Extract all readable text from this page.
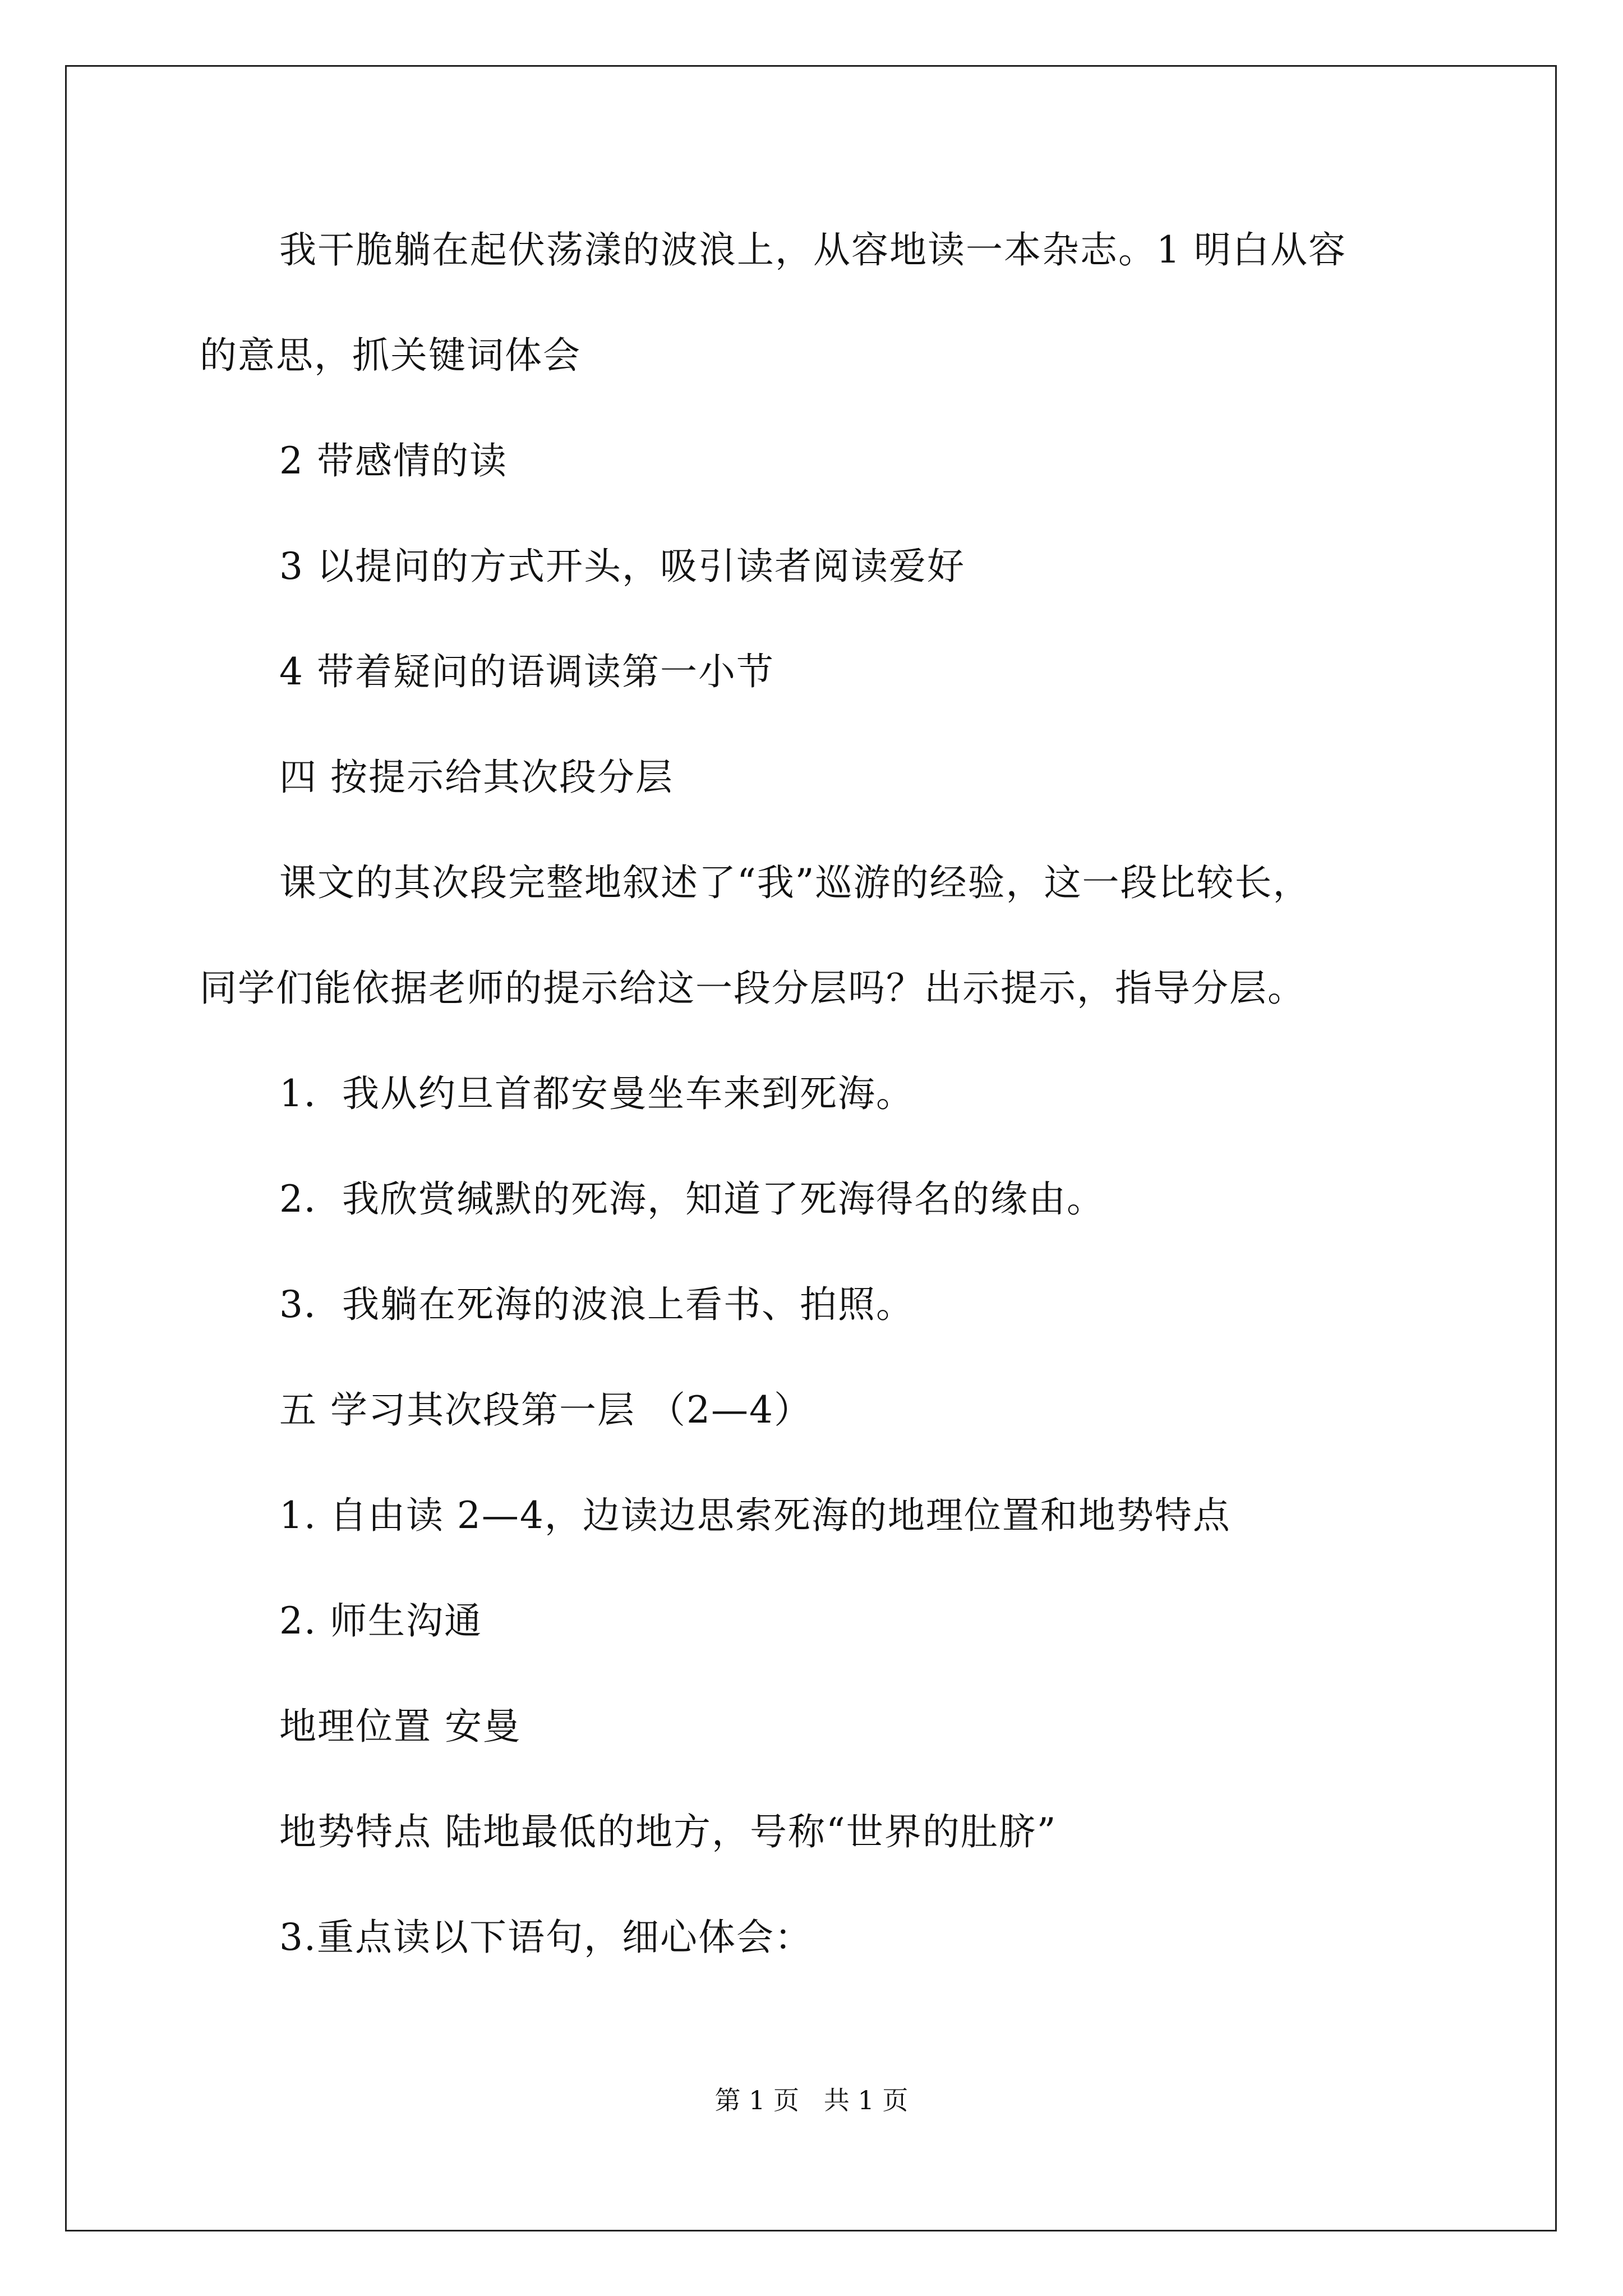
我干脆躺在起伏荡漾的波浪上，从容地读一本杂志。1 明白从容
的意思，抓关键词体会
2 带感情的读
3 以提问的方式开头，吸引读者阅读爱好
4 带着疑问的语调读第一小节
四 按提示给其次段分层
课文的其次段完整地叙述了“我”巡游的经验，这一段比较长，
同学们能依据老师的提示给这一段分层吗？出示提示，指导分层。
1．我从约旦首都安曼坐车来到死海。
2．我欣赏缄默的死海，知道了死海得名的缘由。
3．我躺在死海的波浪上看书、拍照。
五 学习其次段第一层 （2—4）
1. 自由读 2—4，边读边思索死海的地理位置和地势特点
2. 师生沟通
地理位置 安曼
地势特点 陆地最低的地方，号称“世界的肚脐”
3.重点读以下语句，细心体会：
第 1 页   共 1 页
